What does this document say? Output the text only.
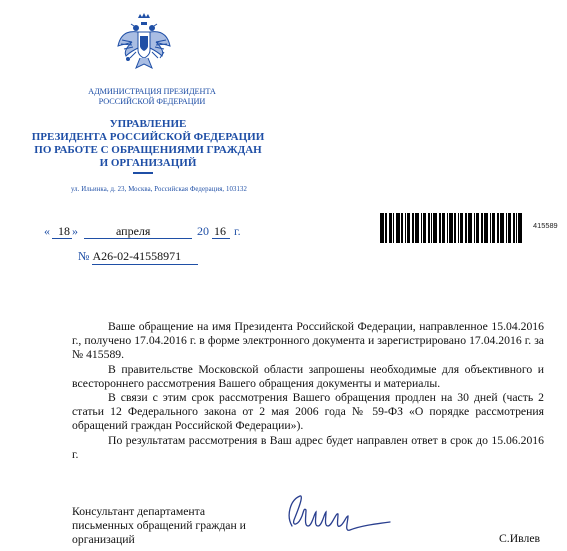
АДМИНИСТРАЦИЯ ПРЕЗИДЕНТА
РОССИЙСКОЙ ФЕДЕРАЦИИ
УПРАВЛЕНИЕ
ПРЕЗИДЕНТА РОССИЙСКОЙ ФЕДЕРАЦИИ
ПО РАБОТЕ С ОБРАЩЕНИЯМИ ГРАЖДАН
И ОРГАНИЗАЦИЙ
ул. Ильинка, д. 23, Москва, Российская Федерация, 103132
« 18 »	апреля	20 16 г.	415589
№ А26-02-41558971

Ваше обращение на имя Президента Российской Федерации, направленное 15.04.2016 г., получено 17.04.2016 г. в форме электронного документа и зарегистрировано 17.04.2016 г. за № 415589.

В правительстве Московской области запрошены необходимые для объективного и всестороннего рассмотрения Вашего обращения документы и материалы.

В связи с этим срок рассмотрения Вашего обращения продлен на 30 дней (часть 2 статьи 12 Федерального закона от 2 мая 2006 года № 59-ФЗ «О порядке рассмотрения обращений граждан Российской Федерации»).

По результатам рассмотрения в Ваш адрес будет направлен ответ в срок до 15.06.2016 г.

Консультант департамента
письменных обращений граждан и
организаций	С.Ивлев
